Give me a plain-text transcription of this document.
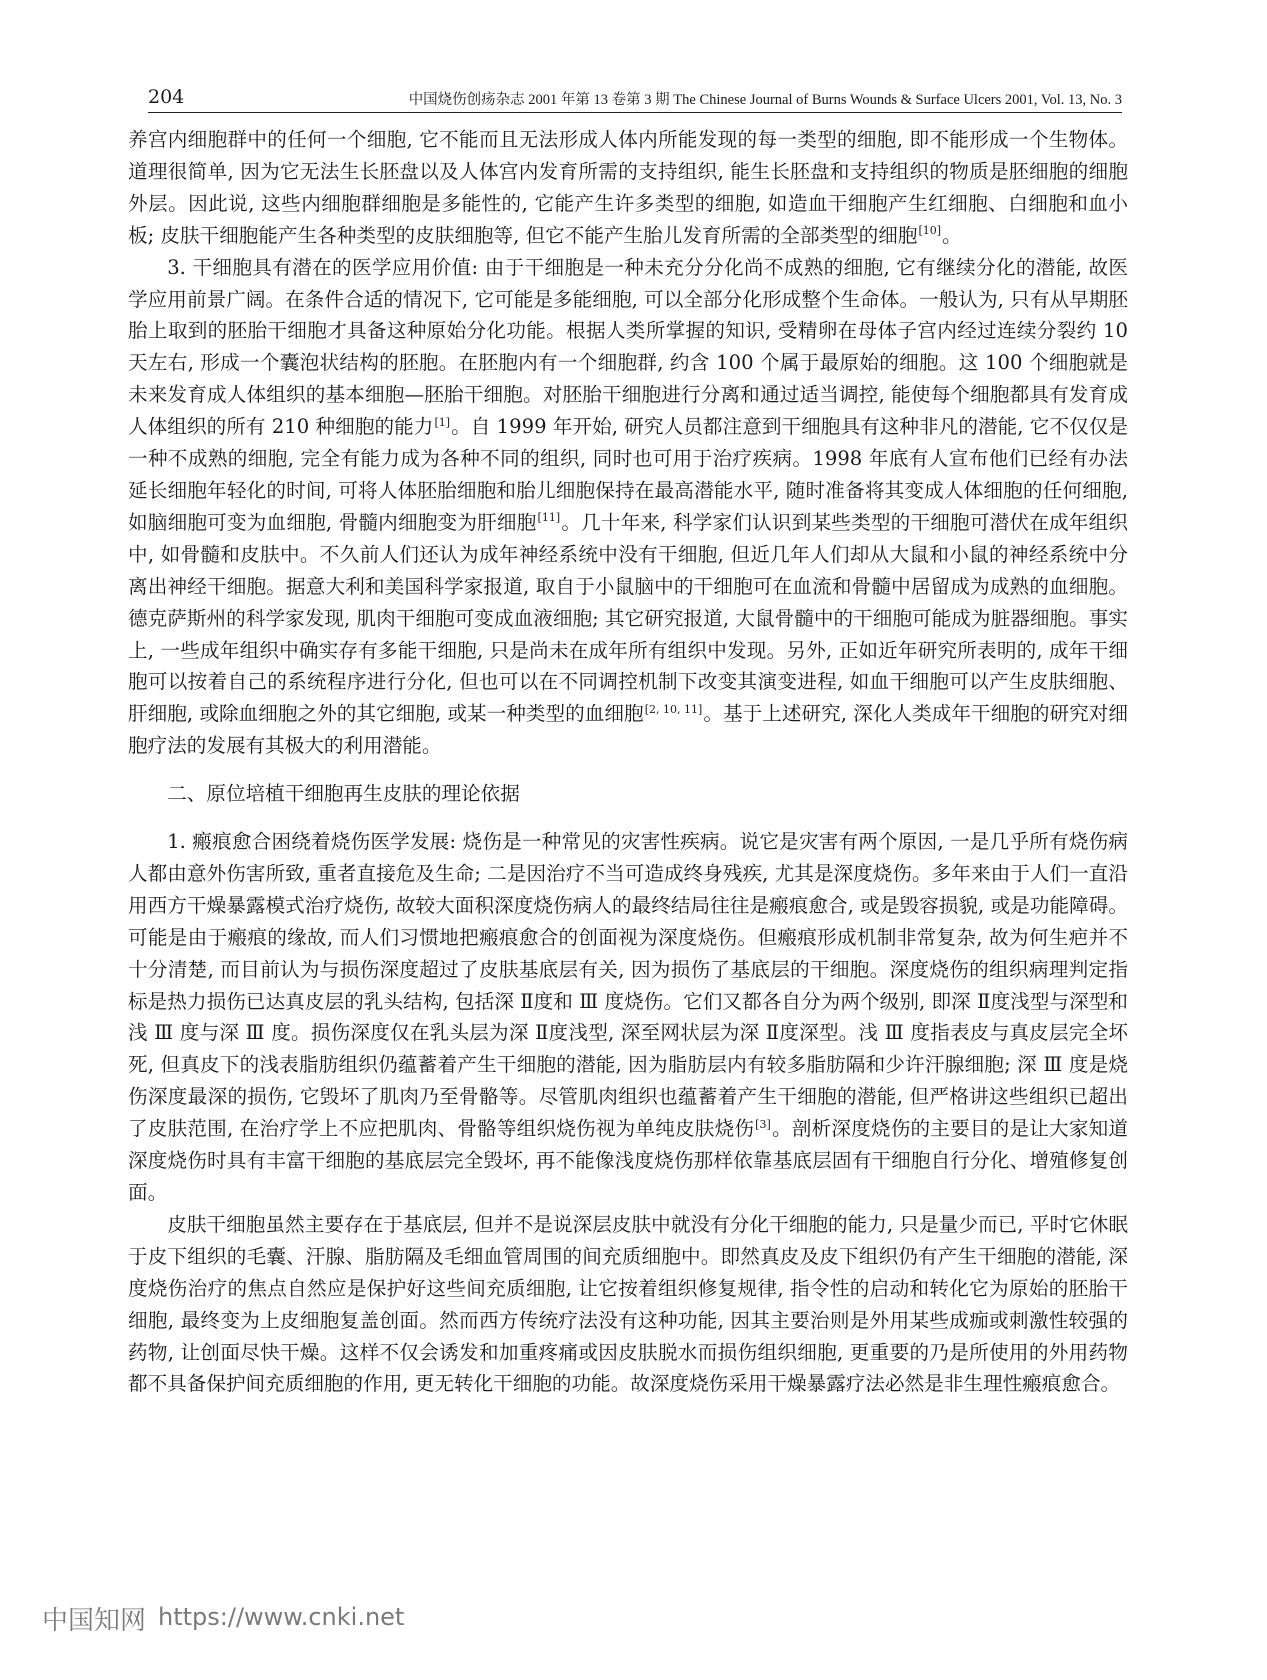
204	中国烧伤创疡杂志 2001 年第 13 卷第 3 期 The Chinese Journal of Burns Wounds & Surface Ulcers 2001, Vol. 13, No. 3

养宫内细胞群中的任何一个细胞, 它不能而且无法形成人体内所能发现的每一类型的细胞, 即不能形成一个生物体。道理很简单, 因为它无法生长胚盘以及人体宫内发育所需的支持组织, 能生长胚盘和支持组织的物质是胚细胞的细胞外层。因此说, 这些内细胞群细胞是多能性的, 它能产生许多类型的细胞, 如造血干细胞产生红细胞、白细胞和血小板; 皮肤干细胞能产生各种类型的皮肤细胞等, 但它不能产生胎儿发育所需的全部类型的细胞[10]。

3. 干细胞具有潜在的医学应用价值: 由于干细胞是一种未充分分化尚不成熟的细胞, 它有继续分化的潜能, 故医学应用前景广阔。在条件合适的情况下, 它可能是多能细胞, 可以全部分化形成整个生命体。一般认为, 只有从早期胚胎上取到的胚胎干细胞才具备这种原始分化功能。根据人类所掌握的知识, 受精卵在母体子宫内经过连续分裂约 10 天左右, 形成一个囊泡状结构的胚胞。在胚胞内有一个细胞群, 约含 100 个属于最原始的细胞。这 100 个细胞就是未来发育成人体组织的基本细胞—胚胎干细胞。对胚胎干细胞进行分离和通过适当调控, 能使每个细胞都具有发育成人体组织的所有 210 种细胞的能力[1]。自 1999 年开始, 研究人员都注意到干细胞具有这种非凡的潜能, 它不仅仅是一种不成熟的细胞, 完全有能力成为各种不同的组织, 同时也可用于治疗疾病。1998 年底有人宣布他们已经有办法延长细胞年轻化的时间, 可将人体胚胎细胞和胎儿细胞保持在最高潜能水平, 随时准备将其变成人体细胞的任何细胞, 如脑细胞可变为血细胞, 骨髓内细胞变为肝细胞[11]。几十年来, 科学家们认识到某些类型的干细胞可潜伏在成年组织中, 如骨髓和皮肤中。不久前人们还认为成年神经系统中没有干细胞, 但近几年人们却从大鼠和小鼠的神经系统中分离出神经干细胞。据意大利和美国科学家报道, 取自于小鼠脑中的干细胞可在血流和骨髓中居留成为成熟的血细胞。德克萨斯州的科学家发现, 肌肉干细胞可变成血液细胞; 其它研究报道, 大鼠骨髓中的干细胞可能成为脏器细胞。事实上, 一些成年组织中确实存有多能干细胞, 只是尚未在成年所有组织中发现。另外, 正如近年研究所表明的, 成年干细胞可以按着自己的系统程序进行分化, 但也可以在不同调控机制下改变其演变进程, 如血干细胞可以产生皮肤细胞、肝细胞, 或除血细胞之外的其它细胞, 或某一种类型的血细胞[2, 10, 11]。基于上述研究, 深化人类成年干细胞的研究对细胞疗法的发展有其极大的利用潜能。

二、原位培植干细胞再生皮肤的理论依据

1. 瘢痕愈合困绕着烧伤医学发展: 烧伤是一种常见的灾害性疾病。说它是灾害有两个原因, 一是几乎所有烧伤病人都由意外伤害所致, 重者直接危及生命; 二是因治疗不当可造成终身残疾, 尤其是深度烧伤。多年来由于人们一直沿用西方干燥暴露模式治疗烧伤, 故较大面积深度烧伤病人的最终结局往往是瘢痕愈合, 或是毁容损貌, 或是功能障碍。可能是由于瘢痕的缘故, 而人们习惯地把瘢痕愈合的创面视为深度烧伤。但瘢痕形成机制非常复杂, 故为何生疤并不十分清楚, 而目前认为与损伤深度超过了皮肤基底层有关, 因为损伤了基底层的干细胞。深度烧伤的组织病理判定指标是热力损伤已达真皮层的乳头结构, 包括深 Ⅱ度和 Ⅲ 度烧伤。它们又都各自分为两个级别, 即深 Ⅱ度浅型与深型和浅 Ⅲ 度与深 Ⅲ 度。损伤深度仅在乳头层为深 Ⅱ度浅型, 深至网状层为深 Ⅱ度深型。浅 Ⅲ 度指表皮与真皮层完全坏死, 但真皮下的浅表脂肪组织仍蕴蓄着产生干细胞的潜能, 因为脂肪层内有较多脂肪隔和少许汗腺细胞; 深 Ⅲ 度是烧伤深度最深的损伤, 它毁坏了肌肉乃至骨骼等。尽管肌肉组织也蕴蓄着产生干细胞的潜能, 但严格讲这些组织已超出了皮肤范围, 在治疗学上不应把肌肉、骨骼等组织烧伤视为单纯皮肤烧伤[3]。剖析深度烧伤的主要目的是让大家知道深度烧伤时具有丰富干细胞的基底层完全毁坏, 再不能像浅度烧伤那样依靠基底层固有干细胞自行分化、增殖修复创面。

皮肤干细胞虽然主要存在于基底层, 但并不是说深层皮肤中就没有分化干细胞的能力, 只是量少而已, 平时它休眠于皮下组织的毛囊、汗腺、脂肪隔及毛细血管周围的间充质细胞中。即然真皮及皮下组织仍有产生干细胞的潜能, 深度烧伤治疗的焦点自然应是保护好这些间充质细胞, 让它按着组织修复规律, 指令性的启动和转化它为原始的胚胎干细胞, 最终变为上皮细胞复盖创面。然而西方传统疗法没有这种功能, 因其主要治则是外用某些成痂或刺激性较强的药物, 让创面尽快干燥。这样不仅会诱发和加重疼痛或因皮肤脱水而损伤组织细胞, 更重要的乃是所使用的外用药物都不具备保护间充质细胞的作用, 更无转化干细胞的功能。故深度烧伤采用干燥暴露疗法必然是非生理性瘢痕愈合。

中国知网 https://www.cnki.net
